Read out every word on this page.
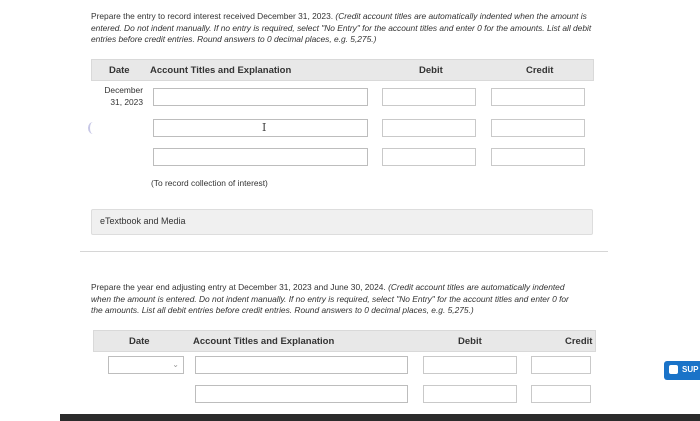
Prepare the entry to record interest received December 31, 2023. (Credit account titles are automatically indented when the amount is entered. Do not indent manually. If no entry is required, select "No Entry" for the account titles and enter 0 for the amounts. List all debit entries before credit entries. Round answers to 0 decimal places, e.g. 5,275.)
Date Account Titles and Explanation	Debit	Credit
December
31, 2023
I
(To record collection of interest)
eTextbook and Media
Prepare the year end adjusting entry at December 31, 2023 and June 30, 2024. (Credit account titles are automatically indented when the amount is entered. Do not indent manually. If no entry is required, select "No Entry" for the account titles and enter 0 for the amounts. List all debit entries before credit entries. Round answers to 0 decimal places, e.g. 5,275.)
Date	Account Titles and Explanation	Debit	Credit
⌄
SUP
